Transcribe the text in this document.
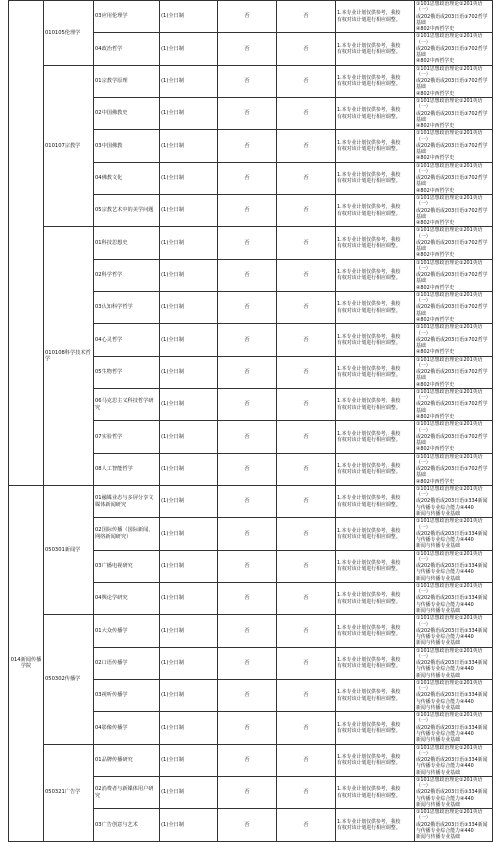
	010105伦理学	03应用伦理学	(1)全日制	否	否	1.本专业计划仅供参考，我校
有权对该计划进行相应调整。	①101思想政治理论②201英语（一）
或202俄语或203日语③702哲学基础
④802中西哲学史
		04政治哲学	(1)全日制	否	否	1.本专业计划仅供参考，我校
有权对该计划进行相应调整。	①101思想政治理论②201英语（一）
或202俄语或203日语③702哲学基础
④802中西哲学史
	010107宗教学	01宗教学原理	(1)全日制	否	否	1.本专业计划仅供参考，我校
有权对该计划进行相应调整。	①101思想政治理论②201英语（一）
或202俄语或203日语③702哲学基础
④802中西哲学史
		02中国佛教史	(1)全日制	否	否	1.本专业计划仅供参考，我校
有权对该计划进行相应调整。	①101思想政治理论②201英语（一）
或202俄语或203日语③702哲学基础
④802中西哲学史
		03中国佛教	(1)全日制	否	否	1.本专业计划仅供参考，我校
有权对该计划进行相应调整。	①101思想政治理论②201英语（一）
或202俄语或203日语③702哲学基础
④802中西哲学史
		04佛教文化	(1)全日制	否	否	1.本专业计划仅供参考，我校
有权对该计划进行相应调整。	①101思想政治理论②201英语（一）
或202俄语或203日语③702哲学基础
④802中西哲学史
		05宗教艺术中的美学问题	(1)全日制	否	否	1.本专业计划仅供参考，我校
有权对该计划进行相应调整。	①101思想政治理论②201英语（一）
或202俄语或203日语③702哲学基础
④802中西哲学史
	010108科学技术哲学	01科技思想史	(1)全日制	否	否	1.本专业计划仅供参考，我校
有权对该计划进行相应调整。	①101思想政治理论②201英语（一）
或202俄语或203日语③702哲学基础
④802中西哲学史
		02科学哲学	(1)全日制	否	否	1.本专业计划仅供参考，我校
有权对该计划进行相应调整。	①101思想政治理论②201英语（一）
或202俄语或203日语③702哲学基础
④802中西哲学史
		03认知科学哲学	(1)全日制	否	否	1.本专业计划仅供参考，我校
有权对该计划进行相应调整。	①101思想政治理论②201英语（一）
或202俄语或203日语③702哲学基础
④802中西哲学史
		04心灵哲学	(1)全日制	否	否	1.本专业计划仅供参考，我校
有权对该计划进行相应调整。	①101思想政治理论②201英语（一）
或202俄语或203日语③702哲学基础
④802中西哲学史
		05生物哲学	(1)全日制	否	否	1.本专业计划仅供参考，我校
有权对该计划进行相应调整。	①101思想政治理论②201英语（一）
或202俄语或203日语③702哲学基础
④802中西哲学史
		06马克思主义科技哲学研究	(1)全日制	否	否	1.本专业计划仅供参考，我校
有权对该计划进行相应调整。	①101思想政治理论②201英语（一）
或202俄语或203日语③702哲学基础
④802中西哲学史
		07实验哲学	(1)全日制	否	否	1.本专业计划仅供参考，我校
有权对该计划进行相应调整。	①101思想政治理论②201英语（一）
或202俄语或203日语③702哲学基础
④802中西哲学史
		08人工智能哲学	(1)全日制	否	否	1.本专业计划仅供参考，我校
有权对该计划进行相应调整。	①101思想政治理论②201英语（一）
或202俄语或203日语③702哲学基础
④802中西哲学史
014新闻传播学院	050301新闻学	01融媒业态与多屏分享文媒体新闻研究	(1)全日制	否	否	1.本专业计划仅供参考，我校
有权对该计划进行相应调整。	①101思想政治理论②201英语（一）
或202俄语或203日语③334新闻与传播专业综合能力④440
新闻与传播专业基础
		02国际传播（国际新闻、网络新闻研究）	(1)全日制	否	否	1.本专业计划仅供参考，我校
有权对该计划进行相应调整。	①101思想政治理论②201英语（一）
或202俄语或203日语③334新闻与传播专业综合能力④440
新闻与传播专业基础
		03广播电视研究	(1)全日制	否	否	1.本专业计划仅供参考，我校
有权对该计划进行相应调整。	①101思想政治理论②201英语（一）
或202俄语或203日语③334新闻与传播专业综合能力④440
新闻与传播专业基础
		04舆论学研究	(1)全日制	否	否	1.本专业计划仅供参考，我校
有权对该计划进行相应调整。	①101思想政治理论②201英语（一）
或202俄语或203日语③334新闻与传播专业综合能力④440
新闻与传播专业基础
	050302传播学	01大众传播学	(1)全日制	否	否	1.本专业计划仅供参考，我校
有权对该计划进行相应调整。	①101思想政治理论②201英语（一）
或202俄语或203日语③334新闻与传播专业综合能力④440
新闻与传播专业基础
		02口语传播学	(1)全日制	否	否	1.本专业计划仅供参考，我校
有权对该计划进行相应调整。	①101思想政治理论②201英语（一）
或202俄语或203日语③334新闻与传播专业综合能力④440
新闻与传播专业基础
		03视听传播学	(1)全日制	否	否	1.本专业计划仅供参考，我校
有权对该计划进行相应调整。	①101思想政治理论②201英语（一）
或202俄语或203日语③334新闻与传播专业综合能力④440
新闻与传播专业基础
		04影像传播学	(1)全日制	否	否	1.本专业计划仅供参考，我校
有权对该计划进行相应调整。	①101思想政治理论②201英语（一）
或202俄语或203日语③334新闻与传播专业综合能力④440
新闻与传播专业基础
	050321广告学	01品牌传播研究	(1)全日制	否	否	1.本专业计划仅供参考，我校
有权对该计划进行相应调整。	①101思想政治理论②201英语（一）
或202俄语或203日语③334新闻与传播专业综合能力④440
新闻与传播专业基础
		02消费者与新媒体用户研究	(1)全日制	否	否	1.本专业计划仅供参考，我校
有权对该计划进行相应调整。	①101思想政治理论②201英语（一）
或202俄语或203日语③334新闻与传播专业综合能力④440
新闻与传播专业基础
		03广告创意与艺术	(1)全日制	否	否	1.本专业计划仅供参考，我校
有权对该计划进行相应调整。	①101思想政治理论②201英语（一）
或202俄语或203日语③334新闻与传播专业综合能力④440
新闻与传播专业基础
